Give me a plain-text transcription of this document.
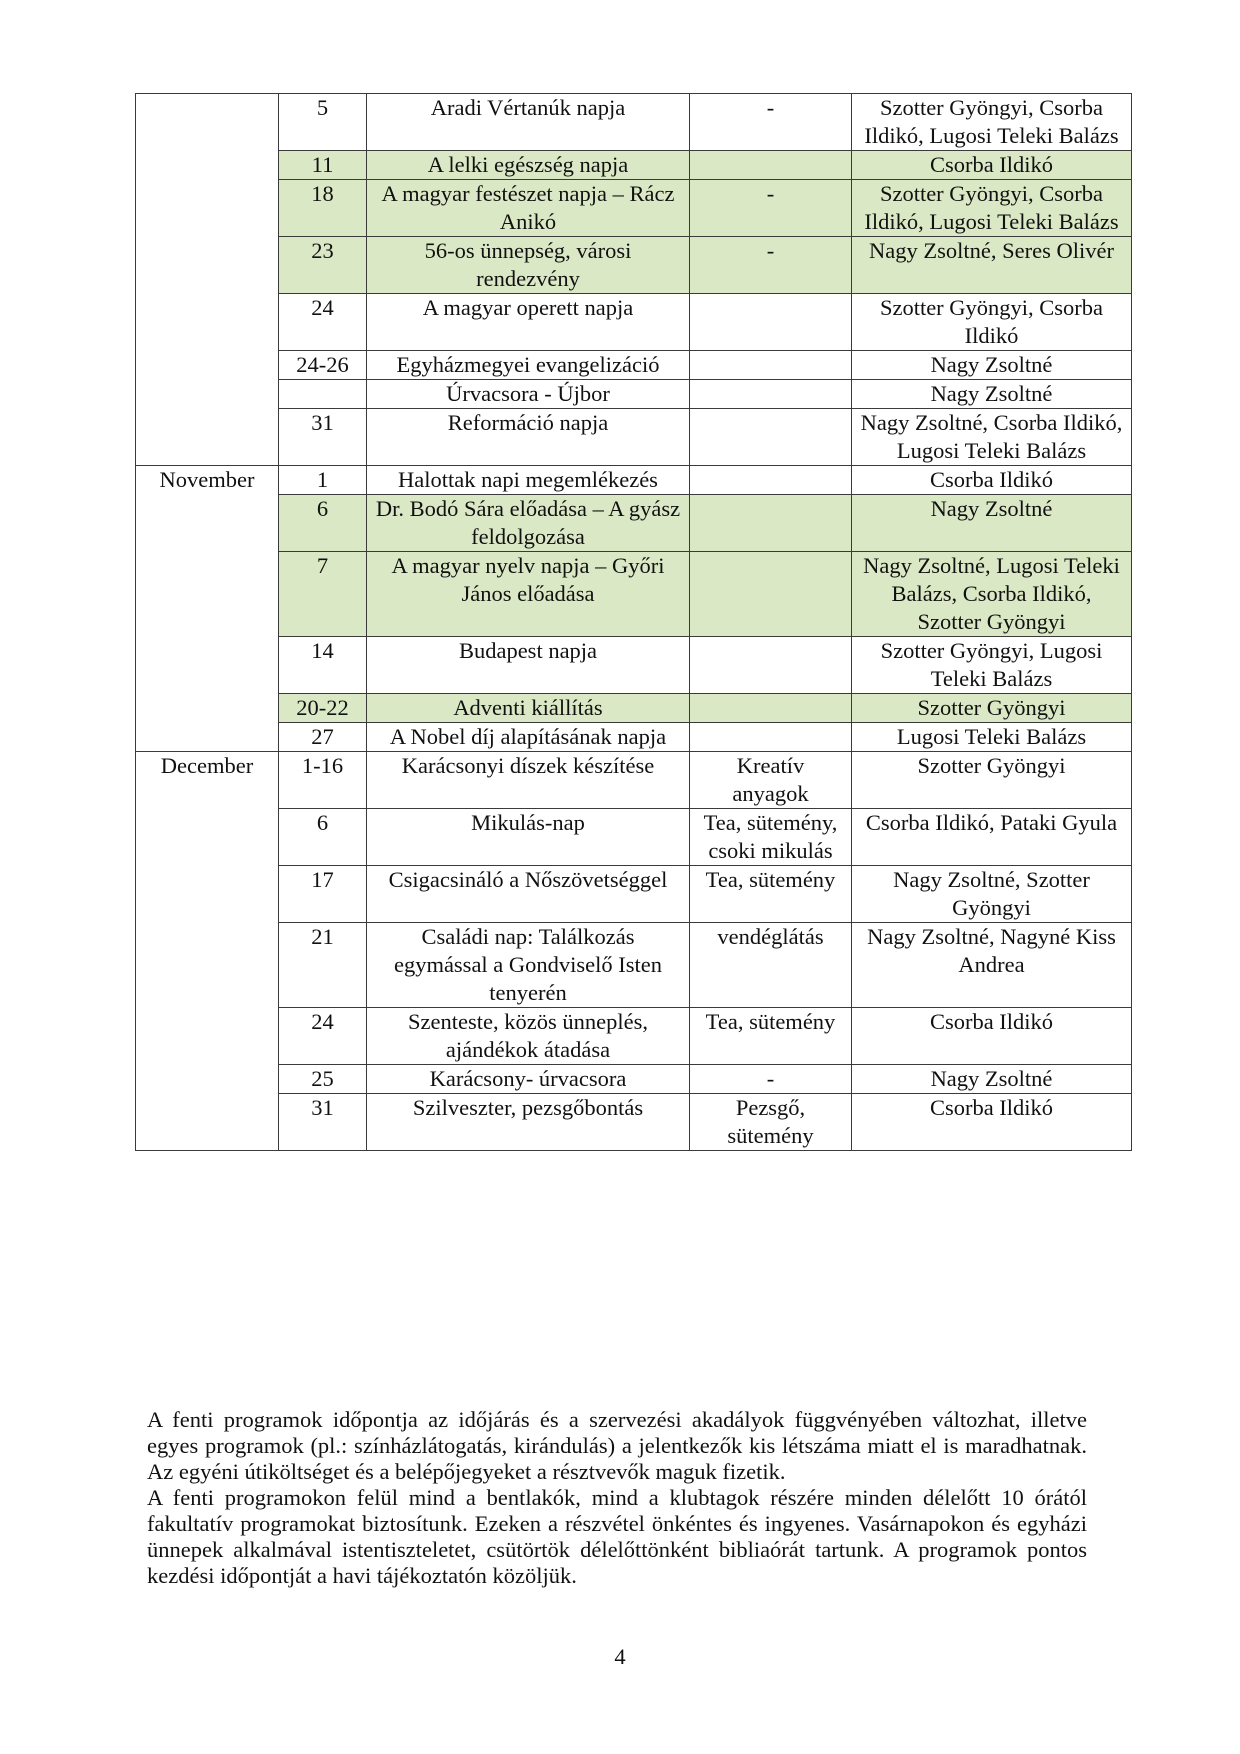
	5	Aradi Vértanúk napja	-	Szotter Gyöngyi, Csorba Ildikó, Lugosi Teleki Balázs
	11	A lelki egészség napja		Csorba Ildikó
	18	A magyar festészet napja – Rácz Anikó	-	Szotter Gyöngyi, Csorba Ildikó, Lugosi Teleki Balázs
	23	56-os ünnepség, városi rendezvény	-	Nagy Zsoltné, Seres Olivér
	24	A magyar operett napja		Szotter Gyöngyi, Csorba Ildikó
	24-26	Egyházmegyei evangelizáció		Nagy Zsoltné
		Úrvacsora - Újbor		Nagy Zsoltné
	31	Reformáció napja		Nagy Zsoltné, Csorba Ildikó, Lugosi Teleki Balázs
November	1	Halottak napi megemlékezés		Csorba Ildikó
	6	Dr. Bodó Sára előadása – A gyász feldolgozása		Nagy Zsoltné
	7	A magyar nyelv napja – Győri János előadása		Nagy Zsoltné, Lugosi Teleki Balázs, Csorba Ildikó, Szotter Gyöngyi
	14	Budapest napja		Szotter Gyöngyi, Lugosi Teleki Balázs
	20-22	Adventi kiállítás		Szotter Gyöngyi
	27	A Nobel díj alapításának napja		Lugosi Teleki Balázs
December	1-16	Karácsonyi díszek készítése	Kreatív anyagok	Szotter Gyöngyi
	6	Mikulás-nap	Tea, sütemény, csoki mikulás	Csorba Ildikó, Pataki Gyula
	17	Csigacsináló a Nőszövetséggel	Tea, sütemény	Nagy Zsoltné, Szotter Gyöngyi
	21	Családi nap: Találkozás egymással a Gondviselő Isten tenyerén	vendéglátás	Nagy Zsoltné, Nagyné Kiss Andrea
	24	Szenteste, közös ünneplés, ajándékok átadása	Tea, sütemény	Csorba Ildikó
	25	Karácsony- úrvacsora	-	Nagy Zsoltné
	31	Szilveszter, pezsgőbontás	Pezsgő, sütemény	Csorba Ildikó

A fenti programok időpontja az időjárás és a szervezési akadályok függvényében változhat, illetve egyes programok (pl.: színházlátogatás, kirándulás) a jelentkezők kis létszáma miatt el is maradhatnak. Az egyéni útiköltséget és a belépőjegyeket a résztvevők maguk fizetik.

A fenti programokon felül mind a bentlakók, mind a klubtagok részére minden délelőtt 10 órától fakultatív programokat biztosítunk. Ezeken a részvétel önkéntes és ingyenes. Vasárnapokon és egyházi ünnepek alkalmával istentiszteletet, csütörtök délelőttönként bibliaórát tartunk. A programok pontos kezdési időpontját a havi tájékoztatón közöljük.

4
